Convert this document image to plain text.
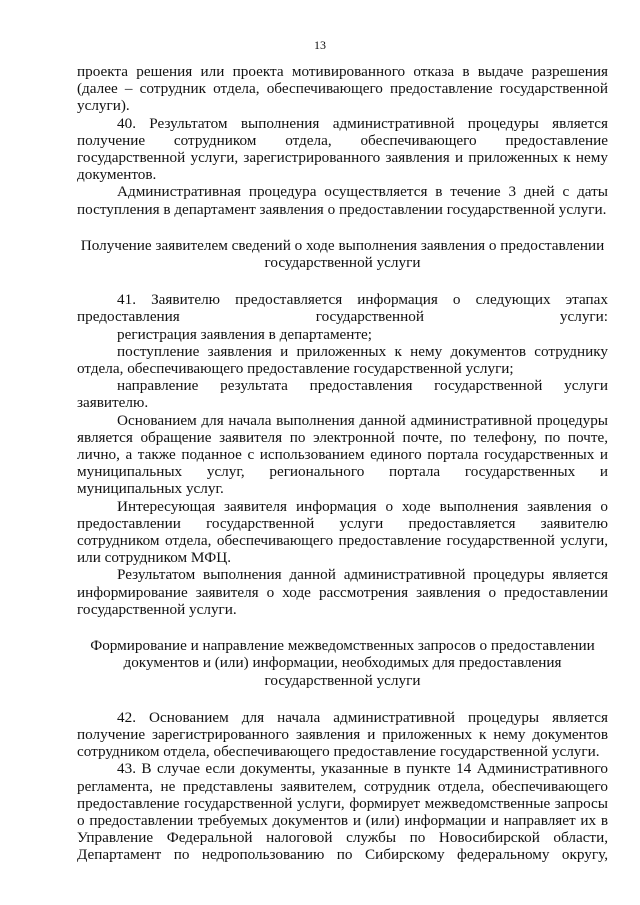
13

проекта решения или проекта мотивированного отказа в выдаче разрешения (далее – сотрудник отдела, обеспечивающего предоставление государственной услуги).

40. Результатом выполнения административной процедуры является получение сотрудником отдела, обеспечивающего предоставление государственной услуги, зарегистрированного заявления и приложенных к нему документов.

Административная процедура осуществляется в течение 3 дней с даты поступления в департамент заявления о предоставлении государственной услуги.

Получение заявителем сведений о ходе выполнения заявления о предоставлении государственной услуги

41. Заявителю предоставляется информация о следующих этапах предоставления государственной услуги:

регистрация заявления в департаменте;

поступление заявления и приложенных к нему документов сотруднику отдела, обеспечивающего предоставление государственной услуги;

направление результата предоставления государственной услуги заявителю.

Основанием для начала выполнения данной административной процедуры является обращение заявителя по электронной почте, по телефону, по почте, лично, а также поданное с использованием единого портала государственных и муниципальных услуг, регионального портала государственных и муниципальных услуг.

Интересующая заявителя информация о ходе выполнения заявления о предоставлении государственной услуги предоставляется заявителю сотрудником отдела, обеспечивающего предоставление государственной услуги, или сотрудником МФЦ.

Результатом выполнения данной административной процедуры является информирование заявителя о ходе рассмотрения заявления о предоставлении государственной услуги.

Формирование и направление межведомственных запросов о предоставлении документов и (или) информации, необходимых для предоставления государственной услуги

42. Основанием для начала административной процедуры является получение зарегистрированного заявления и приложенных к нему документов сотрудником отдела, обеспечивающего предоставление государственной услуги.

43. В случае если документы, указанные в пункте 14 Административного регламента, не представлены заявителем, сотрудник отдела, обеспечивающего предоставление государственной услуги, формирует межведомственные запросы о предоставлении требуемых документов и (или) информации и направляет их в Управление Федеральной налоговой службы по Новосибирской области, Департамент по недропользованию по Сибирскому федеральному округу,
